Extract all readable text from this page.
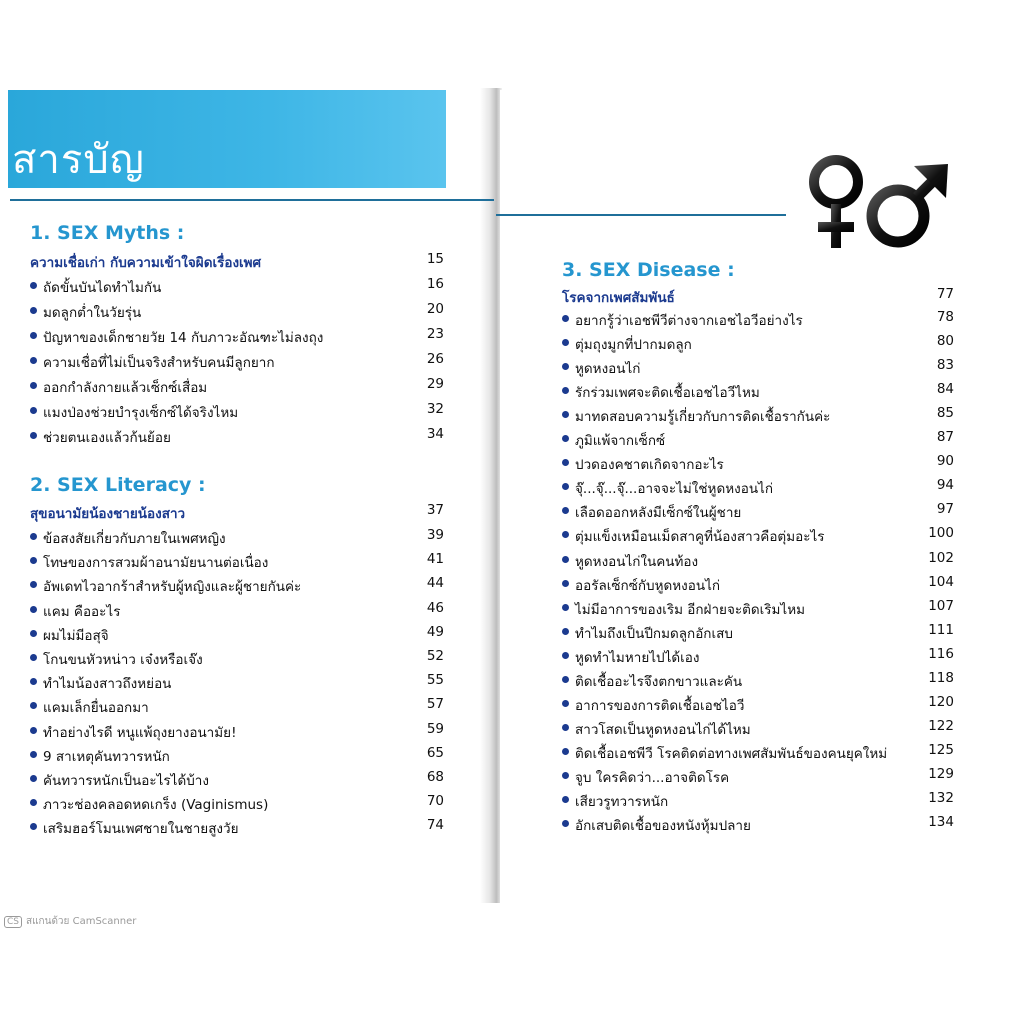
สารบัญ
1. SEX Myths :
ความเชื่อเก่า กับความเข้าใจผิดเรื่องเพศ	15
ถัดขั้นบันไดทำไมกัน	16
มดลูกต่ำในวัยรุ่น	20
ปัญหาของเด็กชายวัย 14 กับภาวะอัณฑะไม่ลงถุง	23
ความเชื่อที่ไม่เป็นจริงสำหรับคนมีลูกยาก	26
ออกกำลังกายแล้วเซ็กซ์เสื่อม	29
แมงป่องช่วยบำรุงเซ็กซ์ได้จริงไหม	32
ช่วยตนเองแล้วก้นย้อย	34
2. SEX Literacy :
สุขอนามัยน้องชายน้องสาว	37
ข้อสงสัยเกี่ยวกับภายในเพศหญิง	39
โทษของการสวมผ้าอนามัยนานต่อเนื่อง	41
อัพเดทไวอากร้าสำหรับผู้หญิงและผู้ชายกันค่ะ	44
แคม คืออะไร	46
ผมไม่มีอสุจิ	49
โกนขนหัวหน่าว เจ๋งหรือเจ๊ง	52
ทำไมน้องสาวถึงหย่อน	55
แคมเล็กยื่นออกมา	57
ทำอย่างไรดี หนูแพ้ถุงยางอนามัย!	59
9 สาเหตุคันทวารหนัก	65
คันทวารหนักเป็นอะไรได้บ้าง	68
ภาวะช่องคลอดหดเกร็ง (Vaginismus)	70
เสริมฮอร์โมนเพศชายในชายสูงวัย	74
3. SEX Disease :
โรคจากเพศสัมพันธ์	77
อยากรู้ว่าเอชพีวีต่างจากเอชไอวีอย่างไร	78
ตุ่มถุงมูกที่ปากมดลูก	80
หูดหงอนไก่	83
รักร่วมเพศจะติดเชื้อเอชไอวีไหม	84
มาทดสอบความรู้เกี่ยวกับการติดเชื้อรากันค่ะ	85
ภูมิแพ้จากเซ็กซ์	87
ปวดองคชาตเกิดจากอะไร	90
จุ๊...จุ๊...จุ๊...อาจจะไม่ใช่หูดหงอนไก่	94
เลือดออกหลังมีเซ็กซ์ในผู้ชาย	97
ตุ่มแข็งเหมือนเม็ดสาคูที่น้องสาวคือตุ่มอะไร	100
หูดหงอนไก่ในคนท้อง	102
ออรัลเซ็กซ์กับหูดหงอนไก่	104
ไม่มีอาการของเริม อีกฝ่ายจะติดเริมไหม	107
ทำไมถึงเป็นปีกมดลูกอักเสบ	111
หูดทำไมหายไปได้เอง	116
ติดเชื้ออะไรจึงตกขาวและคัน	118
อาการของการติดเชื้อเอชไอวี	120
สาวโสดเป็นหูดหงอนไก่ได้ไหม	122
ติดเชื้อเอชพีวี โรคติดต่อทางเพศสัมพันธ์ของคนยุคใหม่	125
จูบ ใครคิดว่า...อาจติดโรค	129
เสียวรูทวารหนัก	132
อักเสบติดเชื้อของหนังหุ้มปลาย	134
CS สแกนด้วย CamScanner
